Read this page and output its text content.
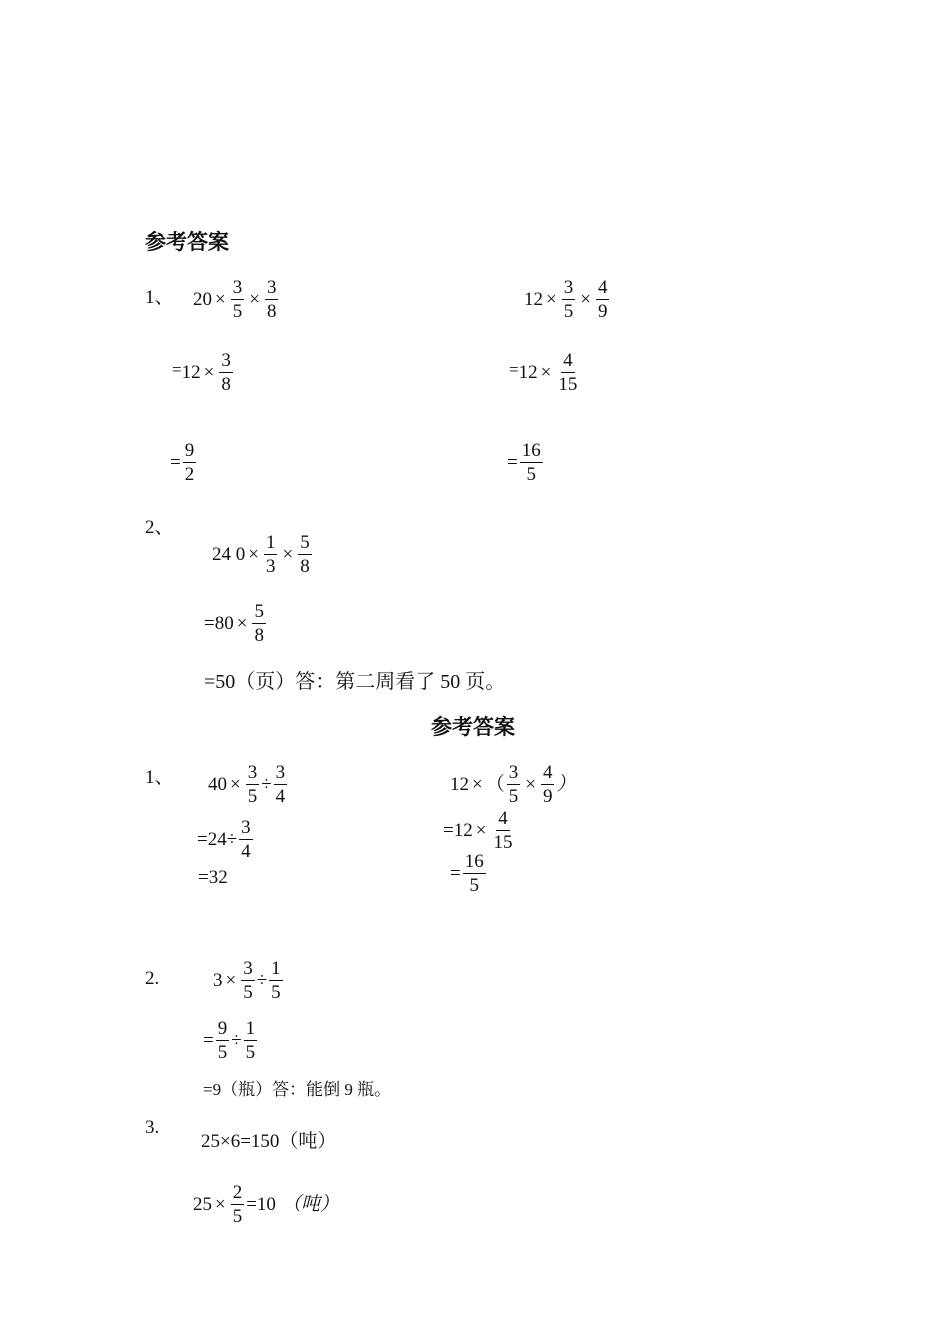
参考答案
1、 $20 \times \frac{3}{5} \times \frac{3}{8}$
= $12 \times \frac{3}{8}$
= $\frac{9}{2}$
$12 \times \frac{3}{5} \times \frac{4}{9}$
= $12 \times \frac{4}{15}$
= $\frac{16}{5}$
2、
24 $0 \times \frac{1}{3} \times \frac{5}{8}$
= $80 \times \frac{5}{8}$
=50（页）答：第二周看了 50 页。
参考答案
1、 $40 \times \frac{3}{5} \div \frac{3}{4}$
= $24 \div \frac{3}{4}$
=32
12 × （ $\frac{3}{5} \times \frac{4}{9}$ ）
= $12 \times \frac{4}{15}$
= $\frac{16}{5}$
2.	$3 \times \frac{3}{5} \div \frac{1}{5}$
= $\frac{9}{5} \div \frac{1}{5}$
=9（瓶）答：能倒 9 瓶。
3.
25×6=150（吨）
$25 \times \frac{2}{5} =10$ （吨）
